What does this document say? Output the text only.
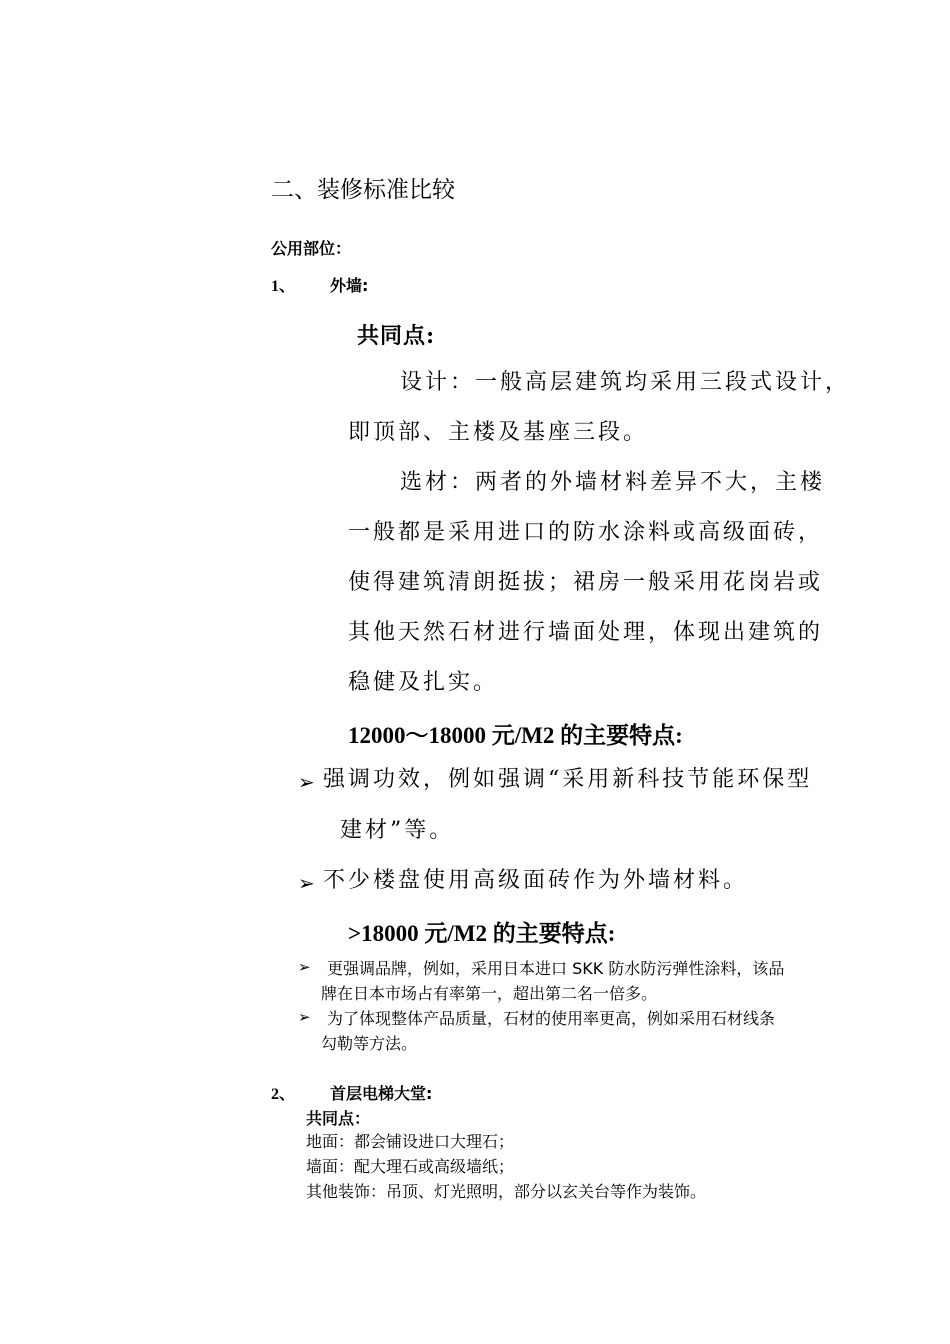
二、装修标准比较
公用部位：
1、 外墙:
共同点:
设计：一般高层建筑均采用三段式设计，
即顶部、主楼及基座三段。
选材：两者的外墙材料差异不大，主楼
一般都是采用进口的防水涂料或高级面砖，
使得建筑清朗挺拔；裙房一般采用花岗岩或
其他天然石材进行墙面处理，体现出建筑的
稳健及扎实。
12000～18000 元/M2 的主要特点:
➢ 强调功效，例如强调“采用新科技节能环保型
建材”等。
➢ 不少楼盘使用高级面砖作为外墙材料。
>18000 元/M2 的主要特点:
➢ 更强调品牌，例如，采用日本进口 SKK 防水防污弹性涂料，该品
牌在日本市场占有率第一，超出第二名一倍多。
➢ 为了体现整体产品质量，石材的使用率更高，例如采用石材线条
勾勒等方法。
2、 首层电梯大堂:
共同点：
地面：都会铺设进口大理石；
墙面：配大理石或高级墙纸；
其他装饰：吊顶、灯光照明，部分以玄关台等作为装饰。
